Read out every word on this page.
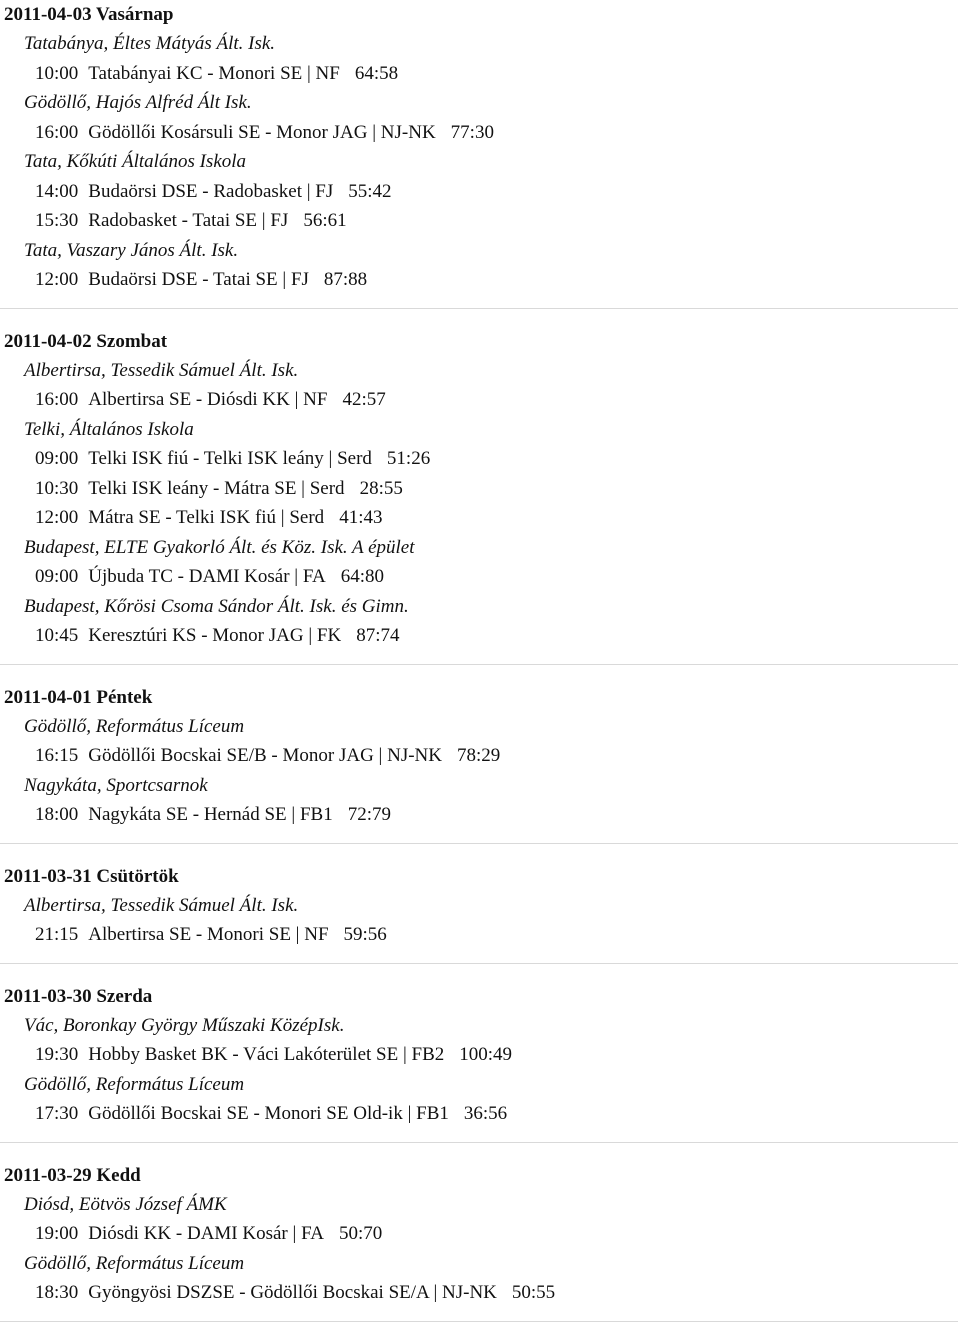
2011-04-03 Vasárnap
Tatabánya, Éltes Mátyás Ált. Isk.
10:00 Tatabányai KC - Monori SE | NF 64:58
Gödöllő, Hajós Alfréd Ált Isk.
16:00 Gödöllői Kosársuli SE - Monor JAG | NJ-NK 77:30
Tata, Kőkúti Általános Iskola
14:00 Budaörsi DSE - Radobasket | FJ 55:42
15:30 Radobasket - Tatai SE | FJ 56:61
Tata, Vaszary János Ált. Isk.
12:00 Budaörsi DSE - Tatai SE | FJ 87:88
2011-04-02 Szombat
Albertirsa, Tessedik Sámuel Ált. Isk.
16:00 Albertirsa SE - Diósdi KK | NF 42:57
Telki, Általános Iskola
09:00 Telki ISK fiú - Telki ISK leány | Serd 51:26
10:30 Telki ISK leány - Mátra SE | Serd 28:55
12:00 Mátra SE - Telki ISK fiú | Serd 41:43
Budapest, ELTE Gyakorló Ált. és Köz. Isk. A épület
09:00 Újbuda TC - DAMI Kosár | FA 64:80
Budapest, Kőrösi Csoma Sándor Ált. Isk. és Gimn.
10:45 Keresztúri KS - Monor JAG | FK 87:74
2011-04-01 Péntek
Gödöllő, Református Líceum
16:15 Gödöllői Bocskai SE/B - Monor JAG | NJ-NK 78:29
Nagykáta, Sportcsarnok
18:00 Nagykáta SE - Hernád SE | FB1 72:79
2011-03-31 Csütörtök
Albertirsa, Tessedik Sámuel Ált. Isk.
21:15 Albertirsa SE - Monori SE | NF 59:56
2011-03-30 Szerda
Vác, Boronkay György Műszaki KözépIsk.
19:30 Hobby Basket BK - Váci Lakóterület SE | FB2 100:49
Gödöllő, Református Líceum
17:30 Gödöllői Bocskai SE - Monori SE Old-ik | FB1 36:56
2011-03-29 Kedd
Diósd, Eötvös József ÁMK
19:00 Diósdi KK - DAMI Kosár | FA 50:70
Gödöllő, Református Líceum
18:30 Gyöngyösi DSZSE - Gödöllői Bocskai SE/A | NJ-NK 50:55
